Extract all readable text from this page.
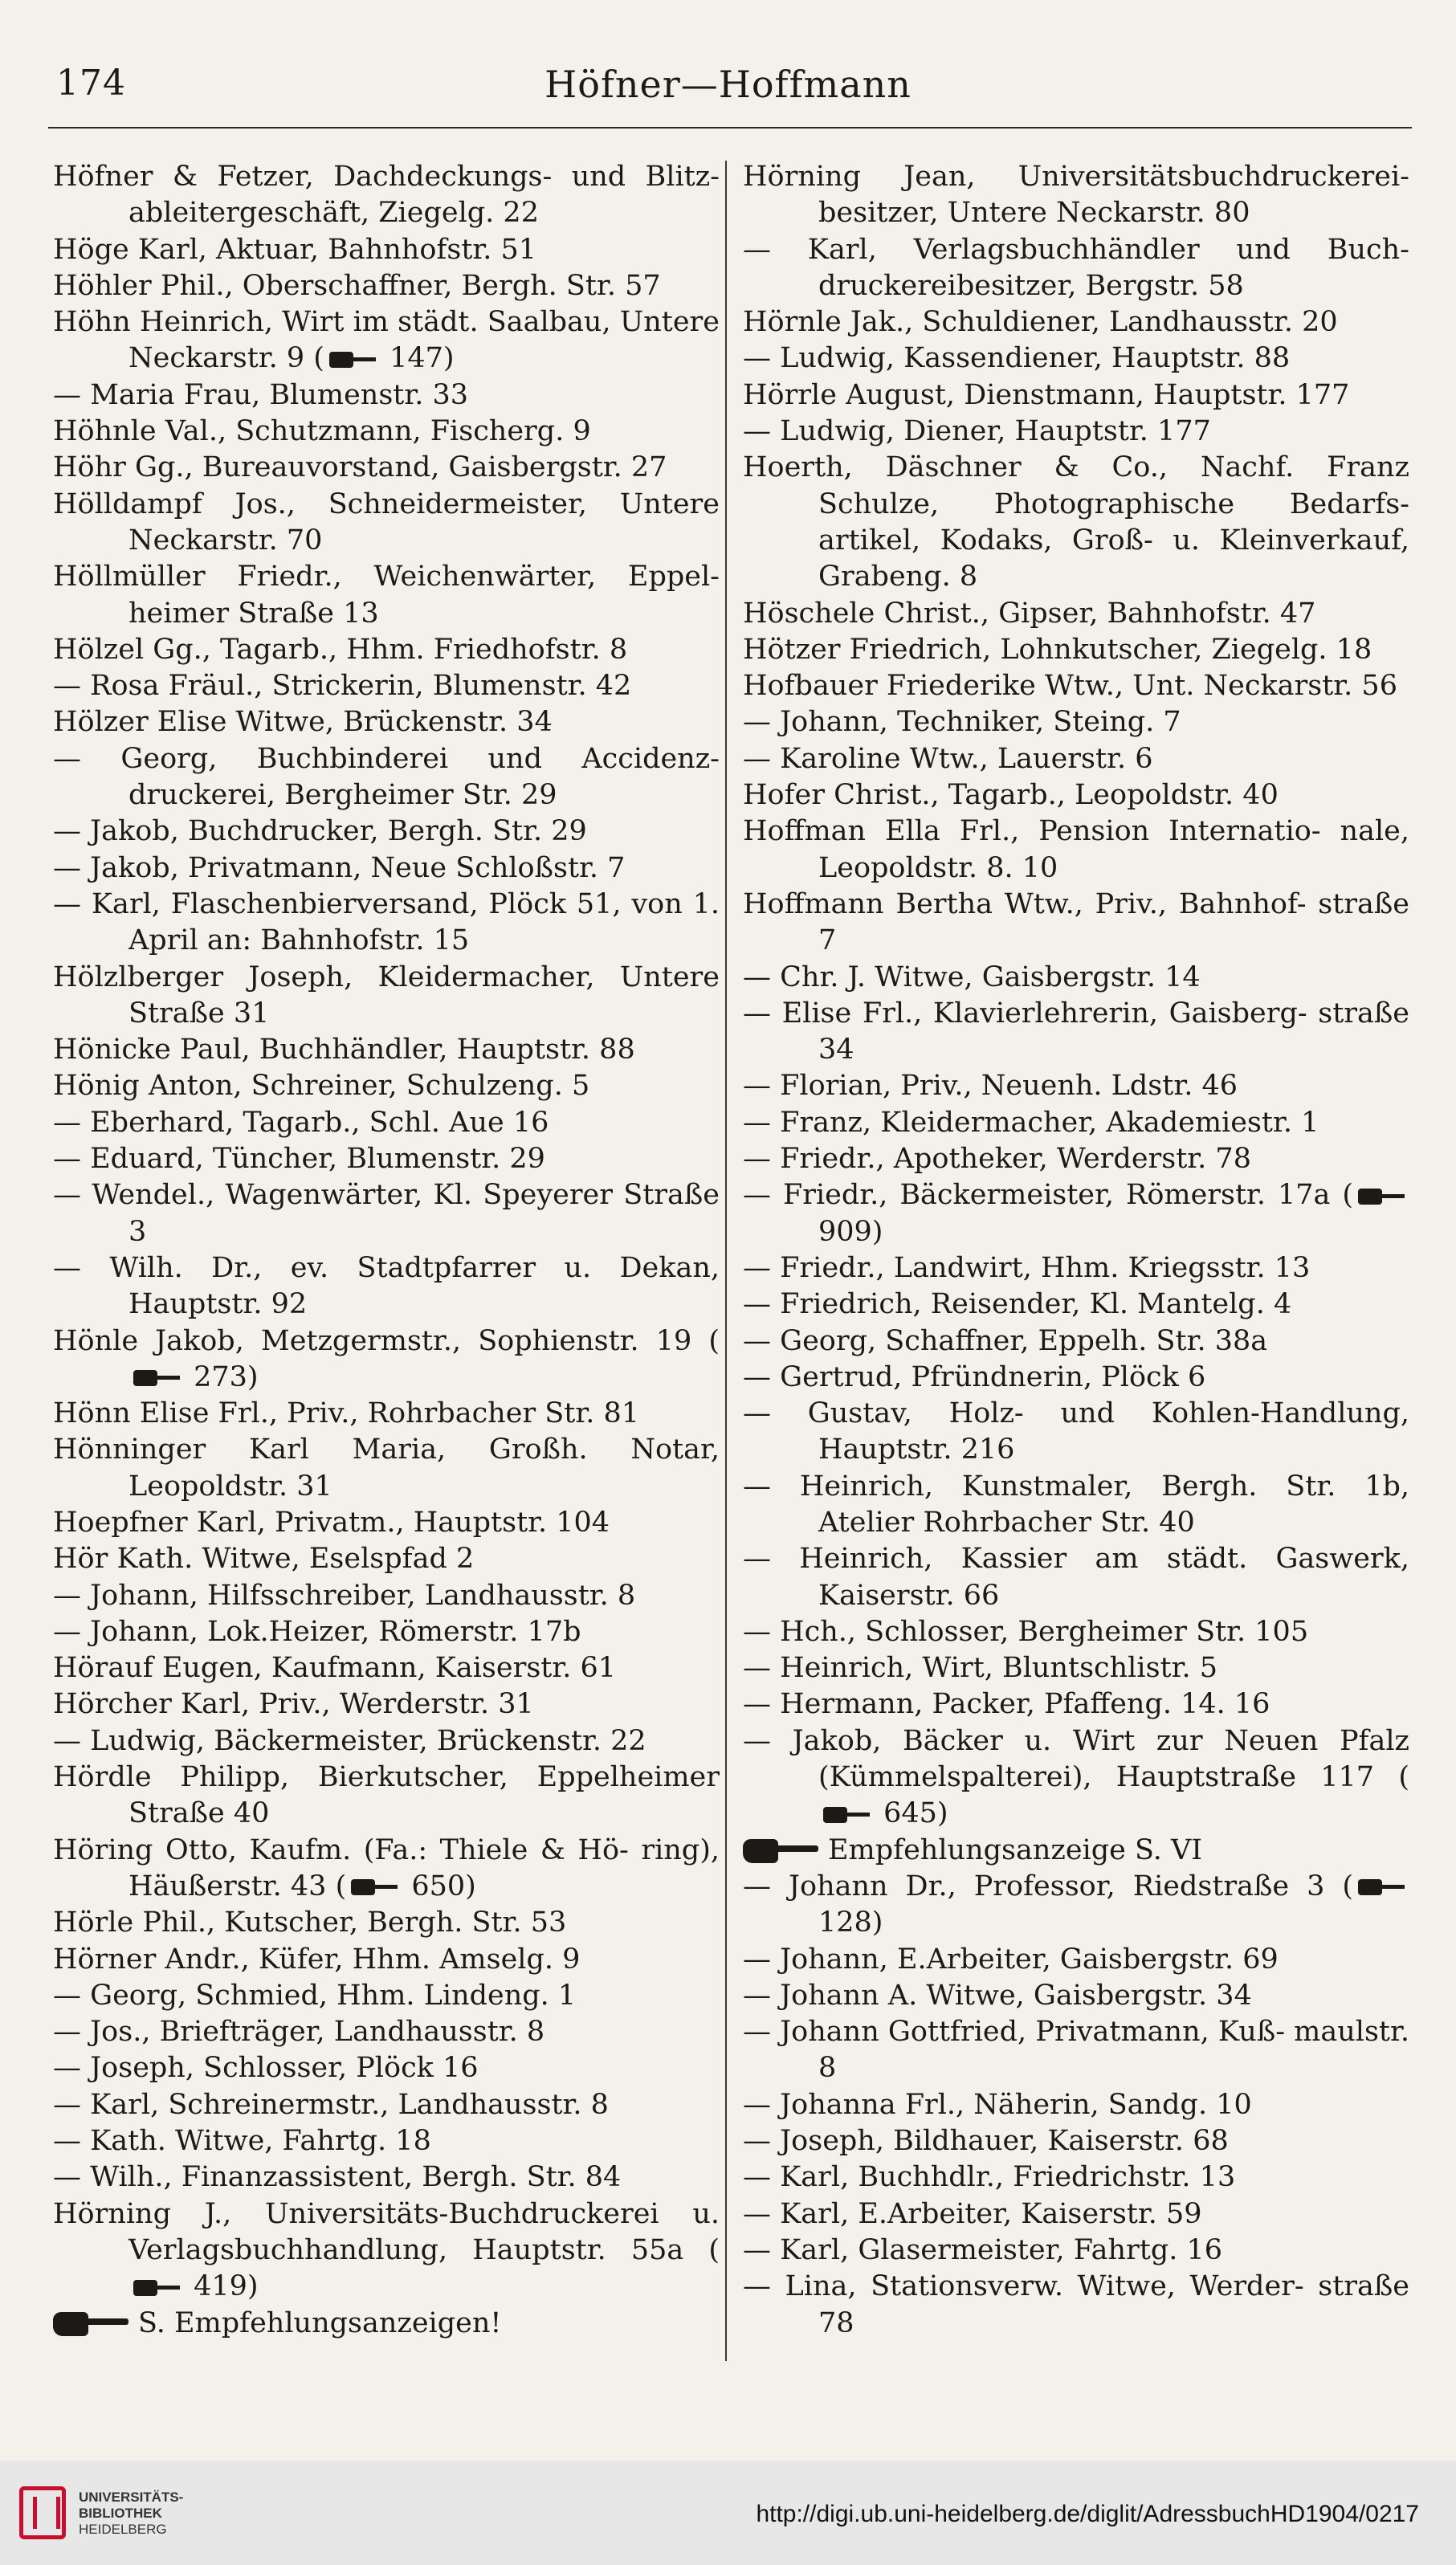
174	Höfner—Hoffmann

Höfner & Fetzer, Dachdeckungs- und Blitz- ableitergeschäft, Ziegelg. 22

Höge Karl, Aktuar, Bahnhofstr. 51

Höhler Phil., Oberschaffner, Bergh. Str. 57

Höhn Heinrich, Wirt im städt. Saalbau, Untere Neckarstr. 9 ( 147)

— Maria Frau, Blumenstr. 33

Höhnle Val., Schutzmann, Fischerg. 9

Höhr Gg., Bureauvorstand, Gaisbergstr. 27

Hölldampf Jos., Schneidermeister, Untere Neckarstr. 70

Höllmüller Friedr., Weichenwärter, Eppel- heimer Straße 13

Hölzel Gg., Tagarb., Hhm. Friedhofstr. 8

— Rosa Fräul., Strickerin, Blumenstr. 42

Hölzer Elise Witwe, Brückenstr. 34

— Georg, Buchbinderei und Accidenz- druckerei, Bergheimer Str. 29

— Jakob, Buchdrucker, Bergh. Str. 29

— Jakob, Privatmann, Neue Schloßstr. 7

— Karl, Flaschenbierversand, Plöck 51, von 1. April an: Bahnhofstr. 15

Hölzlberger Joseph, Kleidermacher, Untere Straße 31

Hönicke Paul, Buchhändler, Hauptstr. 88

Hönig Anton, Schreiner, Schulzeng. 5

— Eberhard, Tagarb., Schl. Aue 16

— Eduard, Tüncher, Blumenstr. 29

— Wendel., Wagenwärter, Kl. Speyerer Straße 3

— Wilh. Dr., ev. Stadtpfarrer u. Dekan, Hauptstr. 92

Hönle Jakob, Metzgermstr., Sophienstr. 19 ( 273)

Hönn Elise Frl., Priv., Rohrbacher Str. 81

Hönninger Karl Maria, Großh. Notar, Leopoldstr. 31

Hoepfner Karl, Privatm., Hauptstr. 104

Hör Kath. Witwe, Eselspfad 2

— Johann, Hilfsschreiber, Landhausstr. 8

— Johann, Lok.Heizer, Römerstr. 17b

Hörauf Eugen, Kaufmann, Kaiserstr. 61

Hörcher Karl, Priv., Werderstr. 31

— Ludwig, Bäckermeister, Brückenstr. 22

Hördle Philipp, Bierkutscher, Eppelheimer Straße 40

Höring Otto, Kaufm. (Fa.: Thiele & Hö- ring), Häußerstr. 43 ( 650)

Hörle Phil., Kutscher, Bergh. Str. 53

Hörner Andr., Küfer, Hhm. Amselg. 9

— Georg, Schmied, Hhm. Lindeng. 1

— Jos., Briefträger, Landhausstr. 8

— Joseph, Schlosser, Plöck 16

— Karl, Schreinermstr., Landhausstr. 8

— Kath. Witwe, Fahrtg. 18

— Wilh., Finanzassistent, Bergh. Str. 84

Hörning J., Universitäts-Buchdruckerei u. Verlagsbuchhandlung, Hauptstr. 55a ( 419)

S. Empfehlungsanzeigen!

Hörning Jean, Universitätsbuchdruckerei- besitzer, Untere Neckarstr. 80

— Karl, Verlagsbuchhändler und Buch- druckereibesitzer, Bergstr. 58

Hörnle Jak., Schuldiener, Landhausstr. 20

— Ludwig, Kassendiener, Hauptstr. 88

Hörrle August, Dienstmann, Hauptstr. 177

— Ludwig, Diener, Hauptstr. 177

Hoerth, Däschner & Co., Nachf. Franz Schulze, Photographische Bedarfs- artikel, Kodaks, Groß- u. Kleinverkauf, Grabeng. 8

Höschele Christ., Gipser, Bahnhofstr. 47

Hötzer Friedrich, Lohnkutscher, Ziegelg. 18

Hofbauer Friederike Wtw., Unt. Neckarstr. 56

— Johann, Techniker, Steing. 7

— Karoline Wtw., Lauerstr. 6

Hofer Christ., Tagarb., Leopoldstr. 40

Hoffman Ella Frl., Pension Internatio- nale, Leopoldstr. 8. 10

Hoffmann Bertha Wtw., Priv., Bahnhof- straße 7

— Chr. J. Witwe, Gaisbergstr. 14

— Elise Frl., Klavierlehrerin, Gaisberg- straße 34

— Florian, Priv., Neuenh. Ldstr. 46

— Franz, Kleidermacher, Akademiestr. 1

— Friedr., Apotheker, Werderstr. 78

— Friedr., Bäckermeister, Römerstr. 17a ( 909)

— Friedr., Landwirt, Hhm. Kriegsstr. 13

— Friedrich, Reisender, Kl. Mantelg. 4

— Georg, Schaffner, Eppelh. Str. 38a

— Gertrud, Pfründnerin, Plöck 6

— Gustav, Holz- und Kohlen-Handlung, Hauptstr. 216

— Heinrich, Kunstmaler, Bergh. Str. 1b, Atelier Rohrbacher Str. 40

— Heinrich, Kassier am städt. Gaswerk, Kaiserstr. 66

— Hch., Schlosser, Bergheimer Str. 105

— Heinrich, Wirt, Bluntschlistr. 5

— Hermann, Packer, Pfaffeng. 14. 16

— Jakob, Bäcker u. Wirt zur Neuen Pfalz (Kümmelspalterei), Hauptstraße 117 ( 645)

Empfehlungsanzeige S. VI

— Johann Dr., Professor, Riedstraße 3 ( 128)

— Johann, E.Arbeiter, Gaisbergstr. 69

— Johann A. Witwe, Gaisbergstr. 34

— Johann Gottfried, Privatmann, Kuß- maulstr. 8

— Johanna Frl., Näherin, Sandg. 10

— Joseph, Bildhauer, Kaiserstr. 68

— Karl, Buchhdlr., Friedrichstr. 13

— Karl, E.Arbeiter, Kaiserstr. 59

— Karl, Glasermeister, Fahrtg. 16

— Lina, Stationsverw. Witwe, Werder- straße 78

UNIVERSITÄTS-
BIBLIOTHEK
HEIDELBERG
http://digi.ub.uni-heidelberg.de/diglit/AdressbuchHD1904/0217
